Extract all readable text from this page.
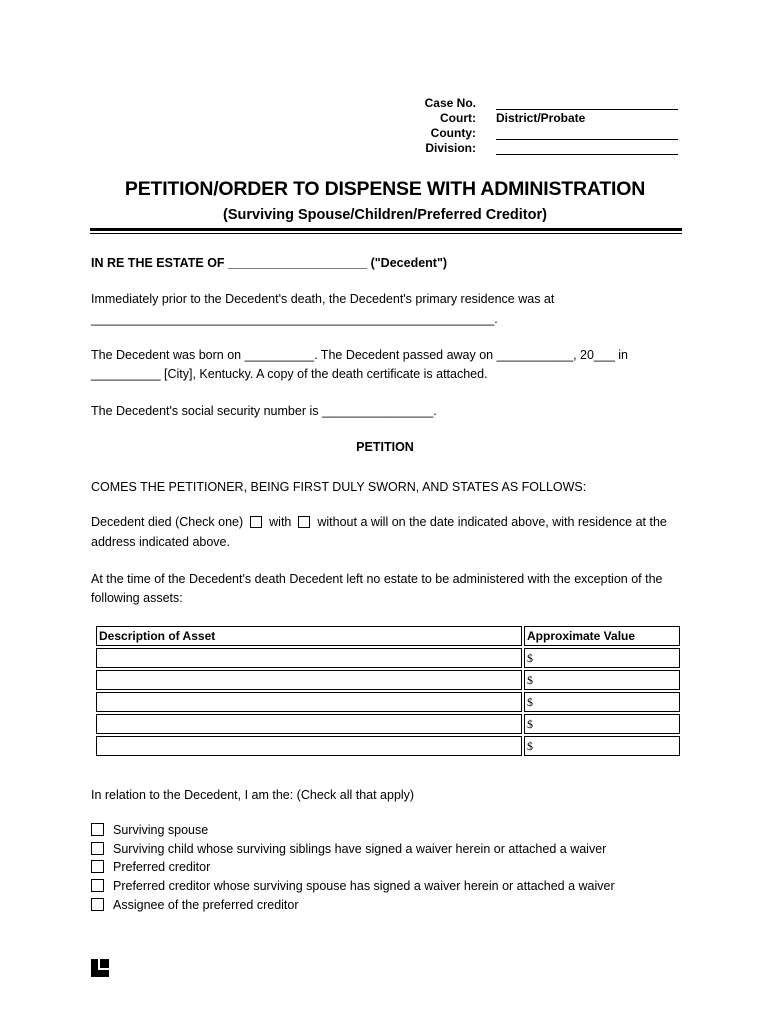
Case No.
Court: District/Probate
County:
Division:
PETITION/ORDER TO DISPENSE WITH ADMINISTRATION
(Surviving Spouse/Children/Preferred Creditor)
IN RE THE ESTATE OF ____________________ ("Decedent")
Immediately prior to the Decedent's death, the Decedent's primary residence was at
__________________________________________________________.
The Decedent was born on __________. The Decedent passed away on ___________, 20___ in
__________ [City], Kentucky. A copy of the death certificate is attached.
The Decedent's social security number is ________________.
PETITION
COMES THE PETITIONER, BEING FIRST DULY SWORN, AND STATES AS FOLLOWS:
Decedent died (Check one) with without a will on the date indicated above, with residence at the
address indicated above.
At the time of the Decedent's death Decedent left no estate to be administered with the exception of the
following assets:
Description of Asset	Approximate Value
	$
	$
	$
	$
	$
In relation to the Decedent, I am the: (Check all that apply)
Surviving spouse
Surviving child whose surviving siblings have signed a waiver herein or attached a waiver
Preferred creditor
Preferred creditor whose surviving spouse has signed a waiver herein or attached a waiver
Assignee of the preferred creditor
